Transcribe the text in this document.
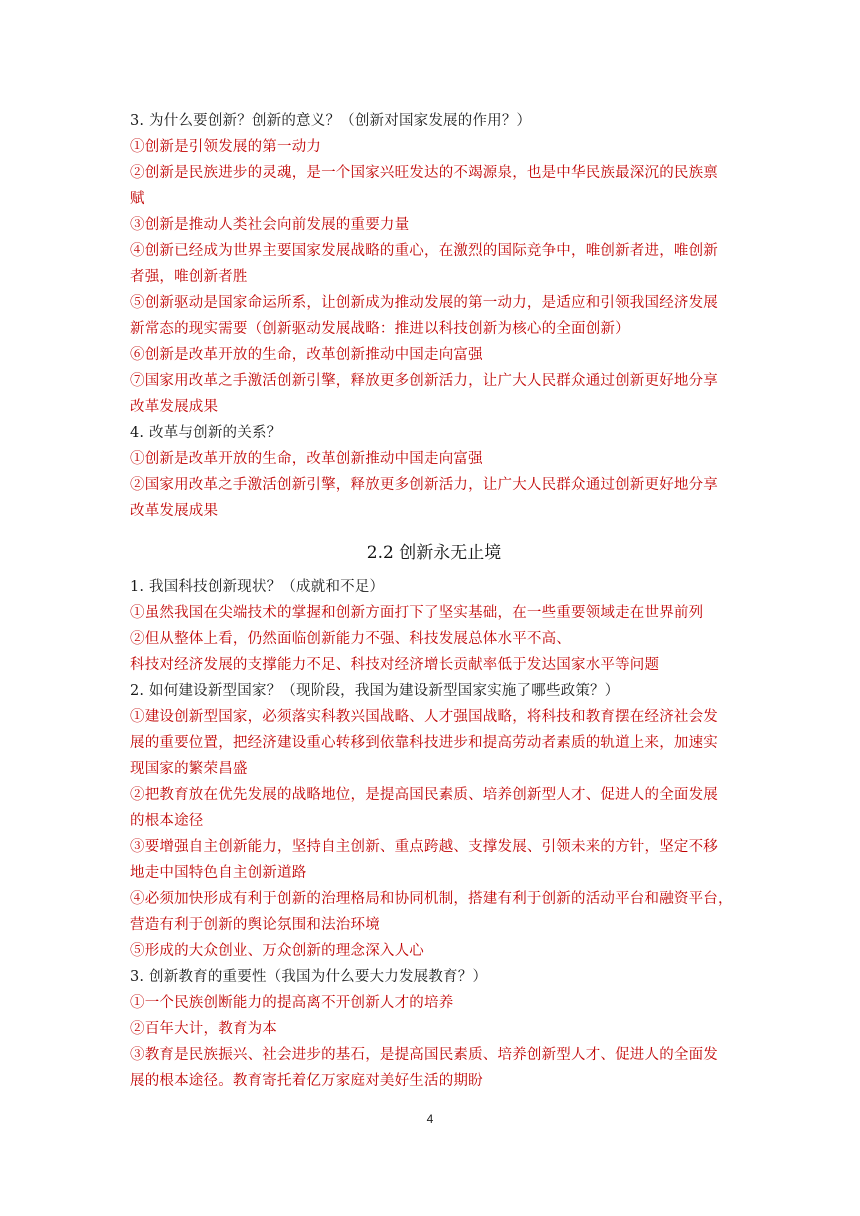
3. 为什么要创新？创新的意义？（创新对国家发展的作用？）
①创新是引领发展的第一动力
②创新是民族进步的灵魂，是一个国家兴旺发达的不竭源泉，也是中华民族最深沉的民族禀
赋
③创新是推动人类社会向前发展的重要力量
④创新已经成为世界主要国家发展战略的重心，在激烈的国际竞争中，唯创新者进，唯创新
者强，唯创新者胜
⑤创新驱动是国家命运所系，让创新成为推动发展的第一动力，是适应和引领我国经济发展
新常态的现实需要（创新驱动发展战略：推进以科技创新为核心的全面创新）
⑥创新是改革开放的生命，改革创新推动中国走向富强
⑦国家用改革之手激活创新引擎，释放更多创新活力，让广大人民群众通过创新更好地分享
改革发展成果
4. 改革与创新的关系？
①创新是改革开放的生命，改革创新推动中国走向富强
②国家用改革之手激活创新引擎，释放更多创新活力，让广大人民群众通过创新更好地分享
改革发展成果
2.2 创新永无止境
1. 我国科技创新现状？（成就和不足）
①虽然我国在尖端技术的掌握和创新方面打下了坚实基础，在一些重要领域走在世界前列
②但从整体上看，仍然面临创新能力不强、科技发展总体水平不高、
科技对经济发展的支撑能力不足、科技对经济增长贡献率低于发达国家水平等问题
2. 如何建设新型国家？（现阶段，我国为建设新型国家实施了哪些政策？）
①建设创新型国家，必须落实科教兴国战略、人才强国战略，将科技和教育摆在经济社会发
展的重要位置，把经济建设重心转移到依靠科技进步和提高劳动者素质的轨道上来，加速实
现国家的繁荣昌盛
②把教育放在优先发展的战略地位，是提高国民素质、培养创新型人才、促进人的全面发展
的根本途径
③要增强自主创新能力，坚持自主创新、重点跨越、支撑发展、引领未来的方针，坚定不移
地走中国特色自主创新道路
④必须加快形成有利于创新的治理格局和协同机制，搭建有利于创新的活动平台和融资平台，
营造有利于创新的舆论氛围和法治环境
⑤形成的大众创业、万众创新的理念深入人心
3. 创新教育的重要性（我国为什么要大力发展教育？）
①一个民族创断能力的提高离不开创新人才的培养
②百年大计，教育为本
③教育是民族振兴、社会进步的基石，是提高国民素质、培养创新型人才、促进人的全面发
展的根本途径。教育寄托着亿万家庭对美好生活的期盼
4
